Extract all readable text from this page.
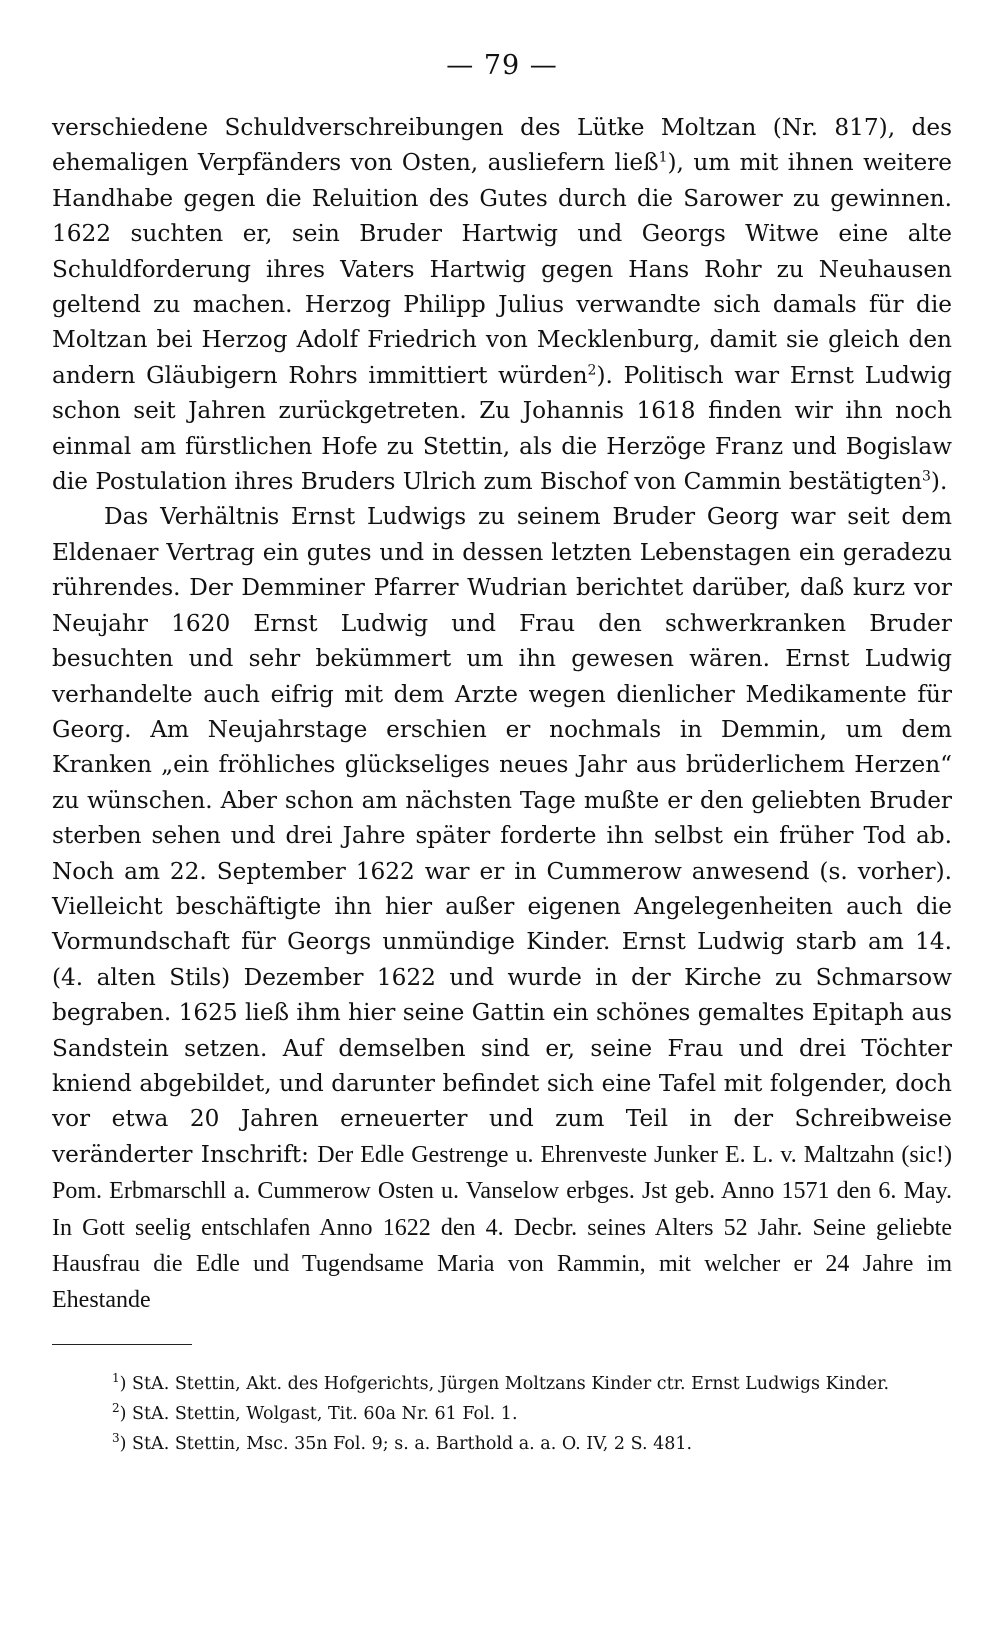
— 79 —

verschiedene Schuldverschreibungen des Lütke Moltzan (Nr. 817), des ehemaligen Verpfänders von Osten, ausliefern ließ$^1$), um mit ihnen weitere Handhabe gegen die Reluition des Gutes durch die Sarower zu gewinnen. 1622 suchten er, sein Bruder Hartwig und Georgs Witwe eine alte Schuldforderung ihres Vaters Hartwig gegen Hans Rohr zu Neuhausen geltend zu machen. Herzog Philipp Julius verwandte sich damals für die Moltzan bei Herzog Adolf Friedrich von Mecklenburg, damit sie gleich den andern Gläubigern Rohrs immittiert würden$^2$). Politisch war Ernst Ludwig schon seit Jahren zurückgetreten. Zu Johannis 1618 finden wir ihn noch einmal am fürstlichen Hofe zu Stettin, als die Herzöge Franz und Bogislaw die Postulation ihres Bruders Ulrich zum Bischof von Cammin bestätigten$^3$).

Das Verhältnis Ernst Ludwigs zu seinem Bruder Georg war seit dem Eldenaer Vertrag ein gutes und in dessen letzten Lebenstagen ein geradezu rührendes. Der Demminer Pfarrer Wudrian berichtet darüber, daß kurz vor Neujahr 1620 Ernst Ludwig und Frau den schwerkranken Bruder besuchten und sehr bekümmert um ihn gewesen wären. Ernst Ludwig verhandelte auch eifrig mit dem Arzte wegen dienlicher Medikamente für Georg. Am Neujahrstage erschien er nochmals in Demmin, um dem Kranken „ein fröhliches glückseliges neues Jahr aus brüderlichem Herzen“ zu wünschen. Aber schon am nächsten Tage mußte er den geliebten Bruder sterben sehen und drei Jahre später forderte ihn selbst ein früher Tod ab. Noch am 22. September 1622 war er in Cummerow anwesend (s. vorher). Vielleicht beschäftigte ihn hier außer eigenen Angelegenheiten auch die Vormundschaft für Georgs unmündige Kinder. Ernst Ludwig starb am 14. (4. alten Stils) Dezember 1622 und wurde in der Kirche zu Schmarsow begraben. 1625 ließ ihm hier seine Gattin ein schönes gemaltes Epitaph aus Sandstein setzen. Auf demselben sind er, seine Frau und drei Töchter kniend abgebildet, und darunter befindet sich eine Tafel mit folgender, doch vor etwa 20 Jahren erneuerter und zum Teil in der Schreibweise veränderter Inschrift: Der Edle Gestrenge u. Ehrenveste Junker E. L. v. Maltzahn (sic!) Pom. Erbmarschll a. Cummerow Osten u. Vanselow erbges. Jst geb. Anno 1571 den 6. May. In Gott seelig entschlafen Anno 1622 den 4. Decbr. seines Alters 52 Jahr. Seine geliebte Hausfrau die Edle und Tugendsame Maria von Rammin, mit welcher er 24 Jahre im Ehestande

$^1$) StA. Stettin, Akt. des Hofgerichts, Jürgen Moltzans Kinder ctr. Ernst Ludwigs Kinder.
$^2$) StA. Stettin, Wolgast, Tit. 60a Nr. 61 Fol. 1.
$^3$) StA. Stettin, Msc. 35n Fol. 9; s. a. Barthold a. a. O. IV, 2 S. 481.
